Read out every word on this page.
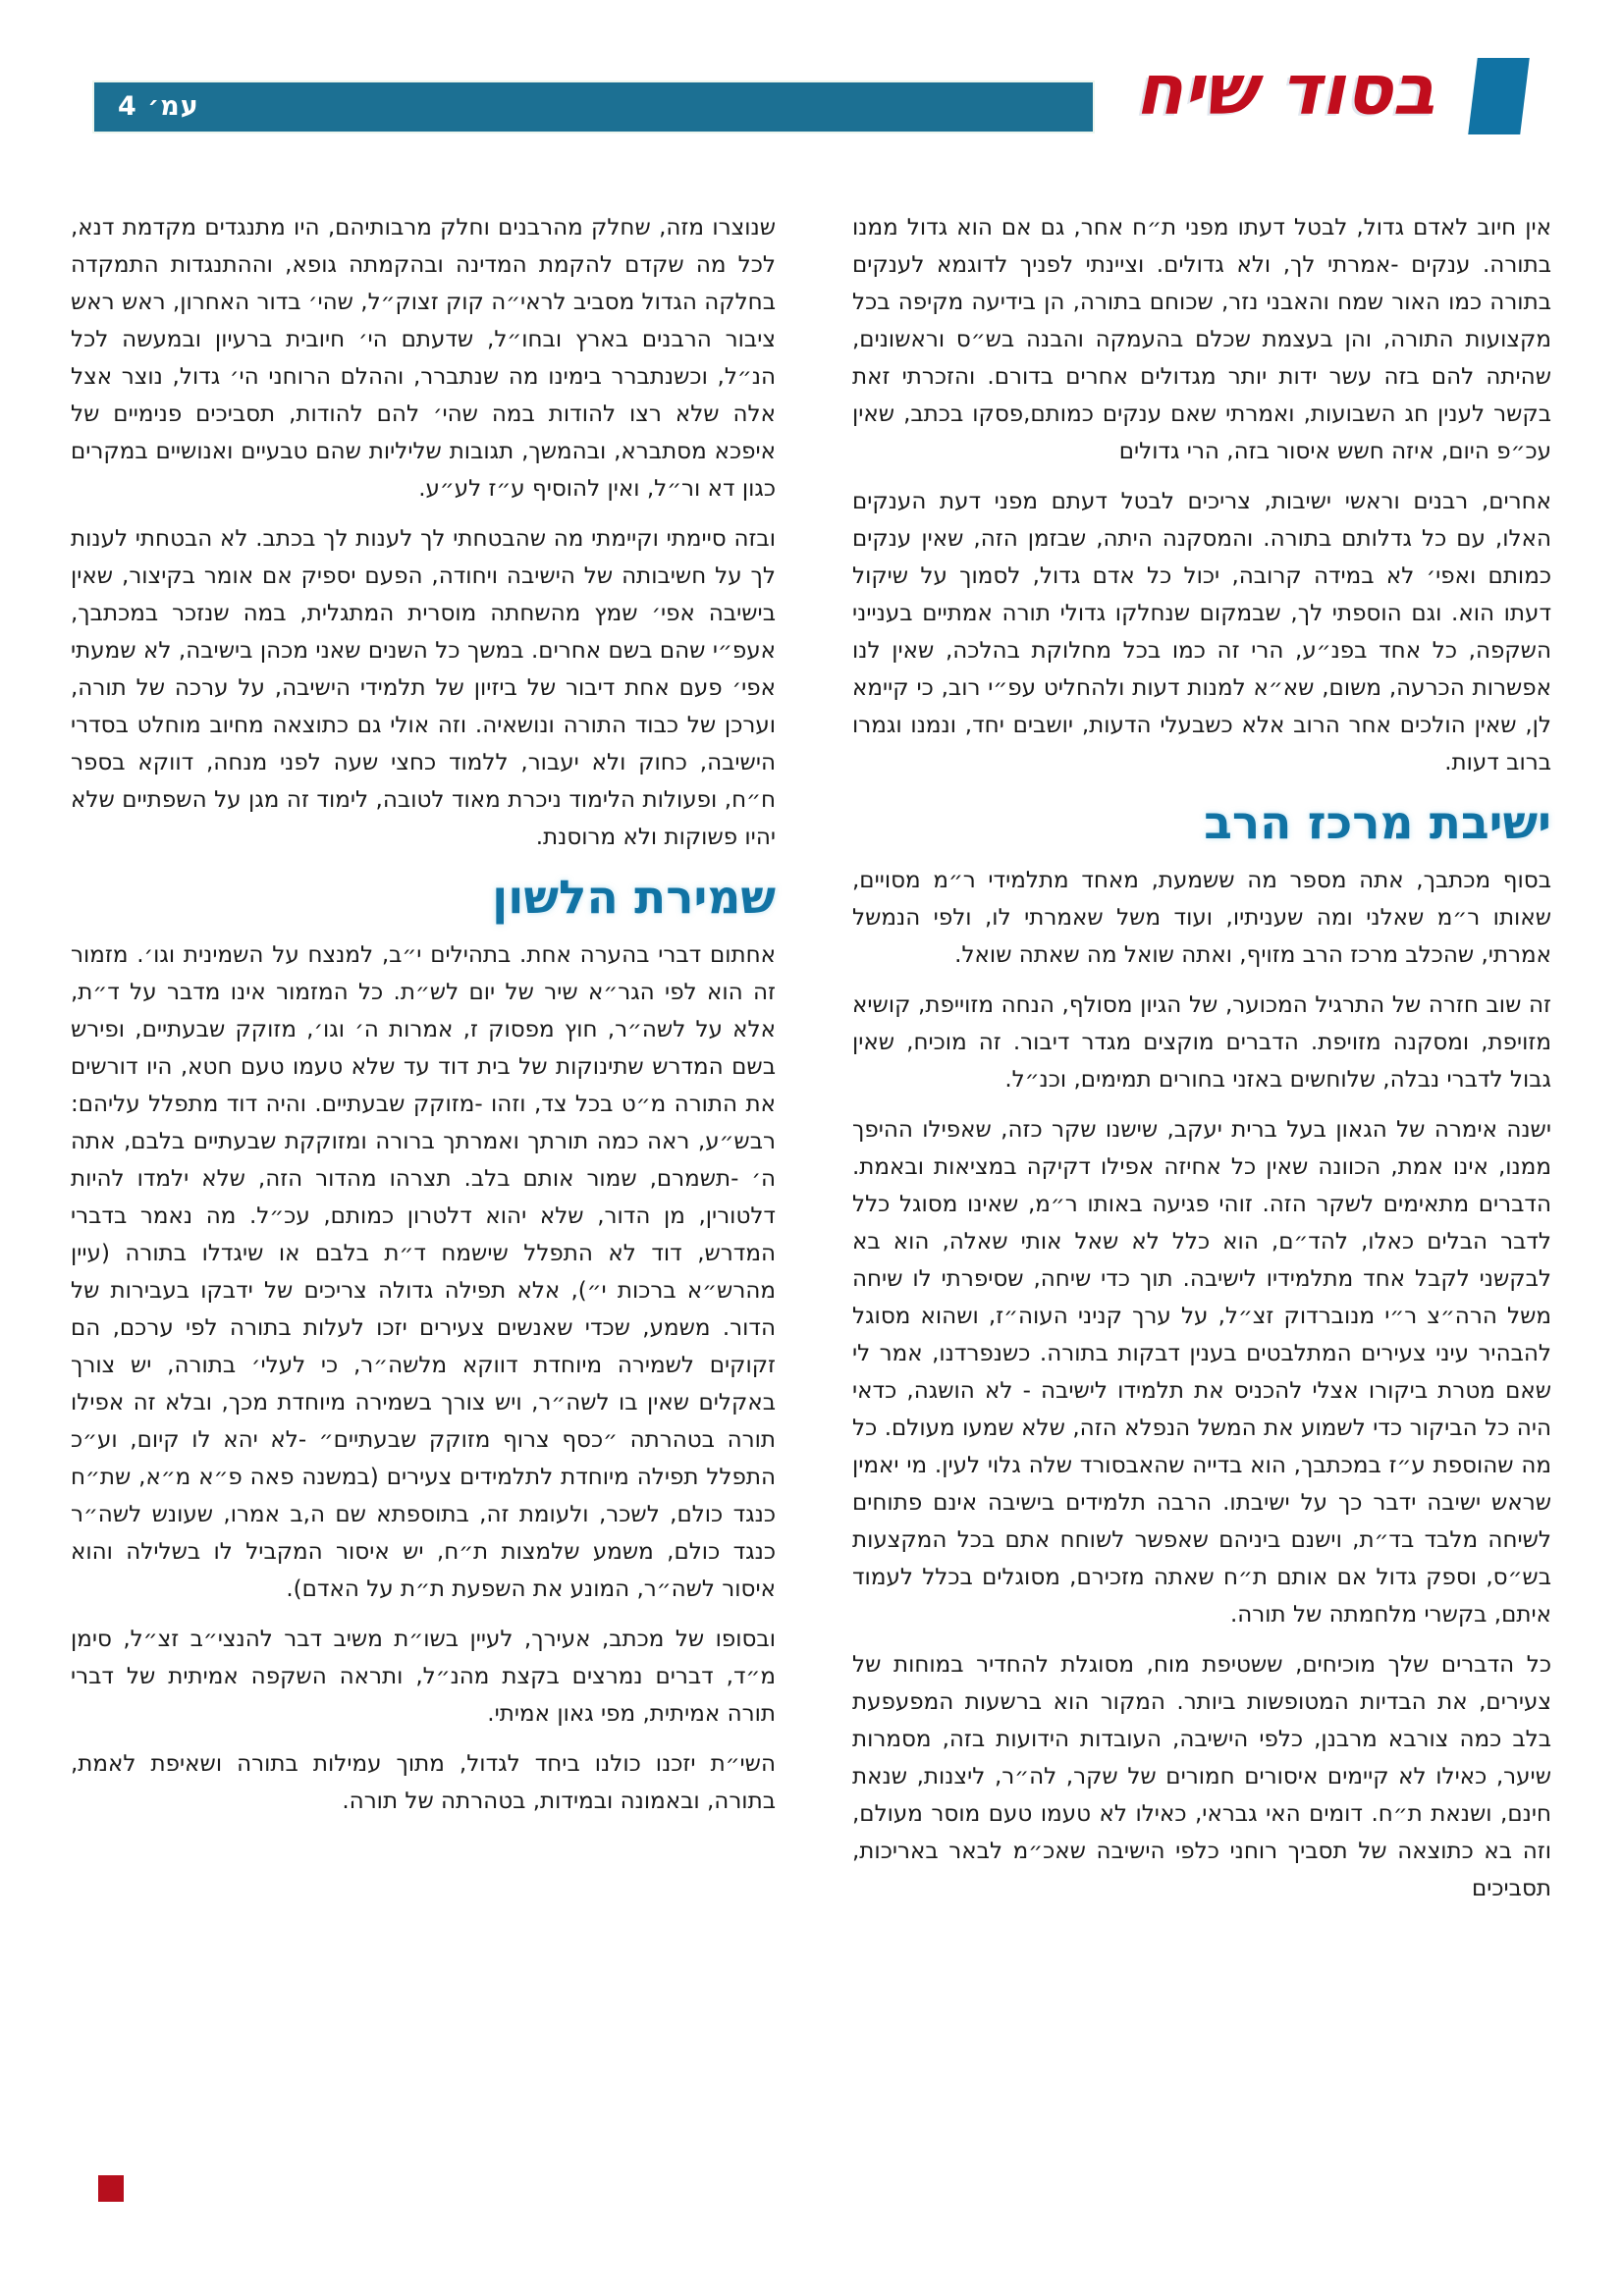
עמ׳ 4	בסוד שיח

אין חיוב לאדם גדול, לבטל דעתו מפני ת״ח אחר, גם אם הוא גדול ממנו בתורה. ענקים -אמרתי לך, ולא גדולים. וציינתי לפניך לדוגמא לענקים בתורה כמו האור שמח והאבני נזר, שכוחם בתורה, הן בידיעה מקיפה בכל מקצועות התורה, והן בעצמת שכלם בהעמקה והבנה בש״ס וראשונים, שהיתה להם בזה עשר ידות יותר מגדולים אחרים בדורם. והזכרתי זאת בקשר לענין חג השבועות, ואמרתי שאם ענקים כמותם,פסקו בכתב, שאין עכ״פ היום, איזה חשש איסור בזה, הרי גדולים

אחרים, רבנים וראשי ישיבות, צריכים לבטל דעתם מפני דעת הענקים האלו, עם כל גדלותם בתורה. והמסקנה היתה, שבזמן הזה, שאין ענקים כמותם ואפי׳ לא במידה קרובה, יכול כל אדם גדול, לסמוך על שיקול דעתו הוא. וגם הוספתי לך, שבמקום שנחלקו גדולי תורה אמתיים בענייני השקפה, כל אחד בפנ״ע, הרי זה כמו בכל מחלוקת בהלכה, שאין לנו אפשרות הכרעה, משום, שא״א למנות דעות ולהחליט עפ״י רוב, כי קיימא לן, שאין הולכים אחר הרוב אלא כשבעלי הדעות, יושבים יחד, ונמנו וגמרו ברוב דעות.

ישיבת מרכז הרב

בסוף מכתבך, אתה מספר מה ששמעת, מאחד מתלמידי ר״מ מסויים, שאותו ר״מ שאלני ומה שעניתיו, ועוד משל שאמרתי לו, ולפי הנמשל אמרתי, שהכלב מרכז הרב מזויף, ואתה שואל מה שאתה שואל.

זה שוב חזרה של התרגיל המכוער, של הגיון מסולף, הנחה מזוייפת, קושיא מזויפת, ומסקנה מזויפת. הדברים מוקצים מגדר דיבור. זה מוכיח, שאין גבול לדברי נבלה, שלוחשים באזני בחורים תמימים, וכנ״ל.

ישנה אימרה של הגאון בעל ברית יעקב, שישנו שקר כזה, שאפילו ההיפך ממנו, אינו אמת, הכוונה שאין כל אחיזה אפילו דקיקה במציאות ובאמת. הדברים מתאימים לשקר הזה. זוהי פגיעה באותו ר״מ, שאינו מסוגל כלל לדבר הבלים כאלו, להד״ם, הוא כלל לא שאל אותי שאלה, הוא בא לבקשני לקבל אחד מתלמידיו לישיבה. תוך כדי שיחה, שסיפרתי לו שיחה משל הרה״צ ר״י מנוברדוק זצ״ל, על ערך קניני העוה״ז, ושהוא מסוגל להבהיר עיני צעירים המתלבטים בענין דבקות בתורה. כשנפרדנו, אמר לי שאם מטרת ביקורו אצלי להכניס את תלמידו לישיבה - לא הושגה, כדאי היה כל הביקור כדי לשמוע את המשל הנפלא הזה, שלא שמעו מעולם. כל מה שהוספת ע״ז במכתבך, הוא בדייה שהאבסורד שלה גלוי לעין. מי יאמין שראש ישיבה ידבר כך על ישיבתו. הרבה תלמידים בישיבה אינם פתוחים לשיחה מלבד בד״ת, וישנם ביניהם שאפשר לשוחח אתם בכל המקצעות בש״ס, וספק גדול אם אותם ת״ח שאתה מזכירם, מסוגלים בכלל לעמוד איתם, בקשרי מלחמתה של תורה.

כל הדברים שלך מוכיחים, ששטיפת מוח, מסוגלת להחדיר במוחות של צעירים, את הבדיות המטופשות ביותר. המקור הוא ברשעות המפעפעת בלב כמה צורבא מרבנן, כלפי הישיבה, העובדות הידועות בזה, מסמרות שיער, כאילו לא קיימים איסורים חמורים של שקר, לה״ר, ליצנות, שנאת חינם, ושנאת ת״ח. דומים האי גבראי, כאילו לא טעמו טעם מוסר מעולם, וזה בא כתוצאה של תסביך רוחני כלפי הישיבה שאכ״מ לבאר באריכות, תסביכים

שנוצרו מזה, שחלק מהרבנים וחלק מרבותיהם, היו מתנגדים מקדמת דנא, לכל מה שקדם להקמת המדינה ובהקמתה גופא, וההתנגדות התמקדה בחלקה הגדול מסביב לראי״ה קוק זצוק״ל, שהי׳ בדור האחרון, ראש ראש ציבור הרבנים בארץ ובחו״ל, שדעתם הי׳ חיובית ברעיון ובמעשה לכל הנ״ל, וכשנתברר בימינו מה שנתברר, וההלם הרוחני הי׳ גדול, נוצר אצל אלה שלא רצו להודות במה שהי׳ להם להודות, תסביכים פנימיים של איפכא מסתברא, ובהמשך, תגובות שליליות שהם טבעיים ואנושיים במקרים כגון דא ור״ל, ואין להוסיף ע״ז לע״ע.

ובזה סיימתי וקיימתי מה שהבטחתי לך לענות לך בכתב. לא הבטחתי לענות לך על חשיבותה של הישיבה ויחודה, הפעם יספיק אם אומר בקיצור, שאין בישיבה אפי׳ שמץ מהשחתה מוסרית המתגלית, במה שנזכר במכתבך, אעפ״י שהם בשם אחרים. במשך כל השנים שאני מכהן בישיבה, לא שמעתי אפי׳ פעם אחת דיבור של ביזיון של תלמידי הישיבה, על ערכה של תורה, וערכן של כבוד התורה ונושאיה. וזה אולי גם כתוצאה מחיוב מוחלט בסדרי הישיבה, כחוק ולא יעבור, ללמוד כחצי שעה לפני מנחה, דווקא בספר ח״ח, ופעולות הלימוד ניכרת מאוד לטובה, לימוד זה מגן על השפתיים שלא יהיו פשוקות ולא מרוסנת.

שמירת הלשון

אחתום דברי בהערה אחת. בתהילים י״ב, למנצח על השמינית וגו׳. מזמור זה הוא לפי הגר״א שיר של יום לש״ת. כל המזמור אינו מדבר על ד״ת, אלא על לשה״ר, חוץ מפסוק ז, אמרות ה׳ וגו׳, מזוקק שבעתיים, ופירש בשם המדרש שתינוקות של בית דוד עד שלא טעמו טעם חטא, היו דורשים את התורה מ״ט בכל צד, וזהו -מזוקק שבעתיים. והיה דוד מתפלל עליהם: רבש״ע, ראה כמה תורתך ואמרתך ברורה ומזוקקת שבעתיים בלבם, אתה ה׳ -תשמרם, שמור אותם בלב. תצרהו מהדור הזה, שלא ילמדו להיות דלטורין, מן הדור, שלא יהוא דלטרון כמותם, עכ״ל. מה נאמר בדברי המדרש, דוד לא התפלל שישמח ד״ת בלבם או שיגדלו בתורה (עיין מהרש״א ברכות י״), אלא תפילה גדולה צריכים של ידבקו בעבירות של הדור. משמע, שכדי שאנשים צעירים יזכו לעלות בתורה לפי ערכם, הם זקוקים לשמירה מיוחדת דווקא מלשה״ר, כי לעלי׳ בתורה, יש צורך באקלים שאין בו לשה״ר, ויש צורך בשמירה מיוחדת מכך, ובלא זה אפילו תורה בטהרתה ״כסף צרוף מזוקק שבעתיים״ -לא יהא לו קיום, וע״כ התפלל תפילה מיוחדת לתלמידים צעירים (במשנה פאה פ״א מ״א, שת״ח כנגד כולם, לשכר, ולעומת זה, בתוספתא שם ה,ב אמרו, שעונש לשה״ר כנגד כולם, משמע שלמצות ת״ח, יש איסור המקביל לו בשלילה והוא איסור לשה״ר, המונע את השפעת ת״ת על האדם).

ובסופו של מכתב, אעירך, לעיין בשו״ת משיב דבר להנצי״ב זצ״ל, סימן מ״ד, דברים נמרצים בקצת מהנ״ל, ותראה השקפה אמיתית של דברי תורה אמיתית, מפי גאון אמיתי.

השי״ת יזכנו כולנו ביחד לגדול, מתוך עמילות בתורה ושאיפת לאמת, בתורה, ובאמונה ובמידות, בטהרתה של תורה.
